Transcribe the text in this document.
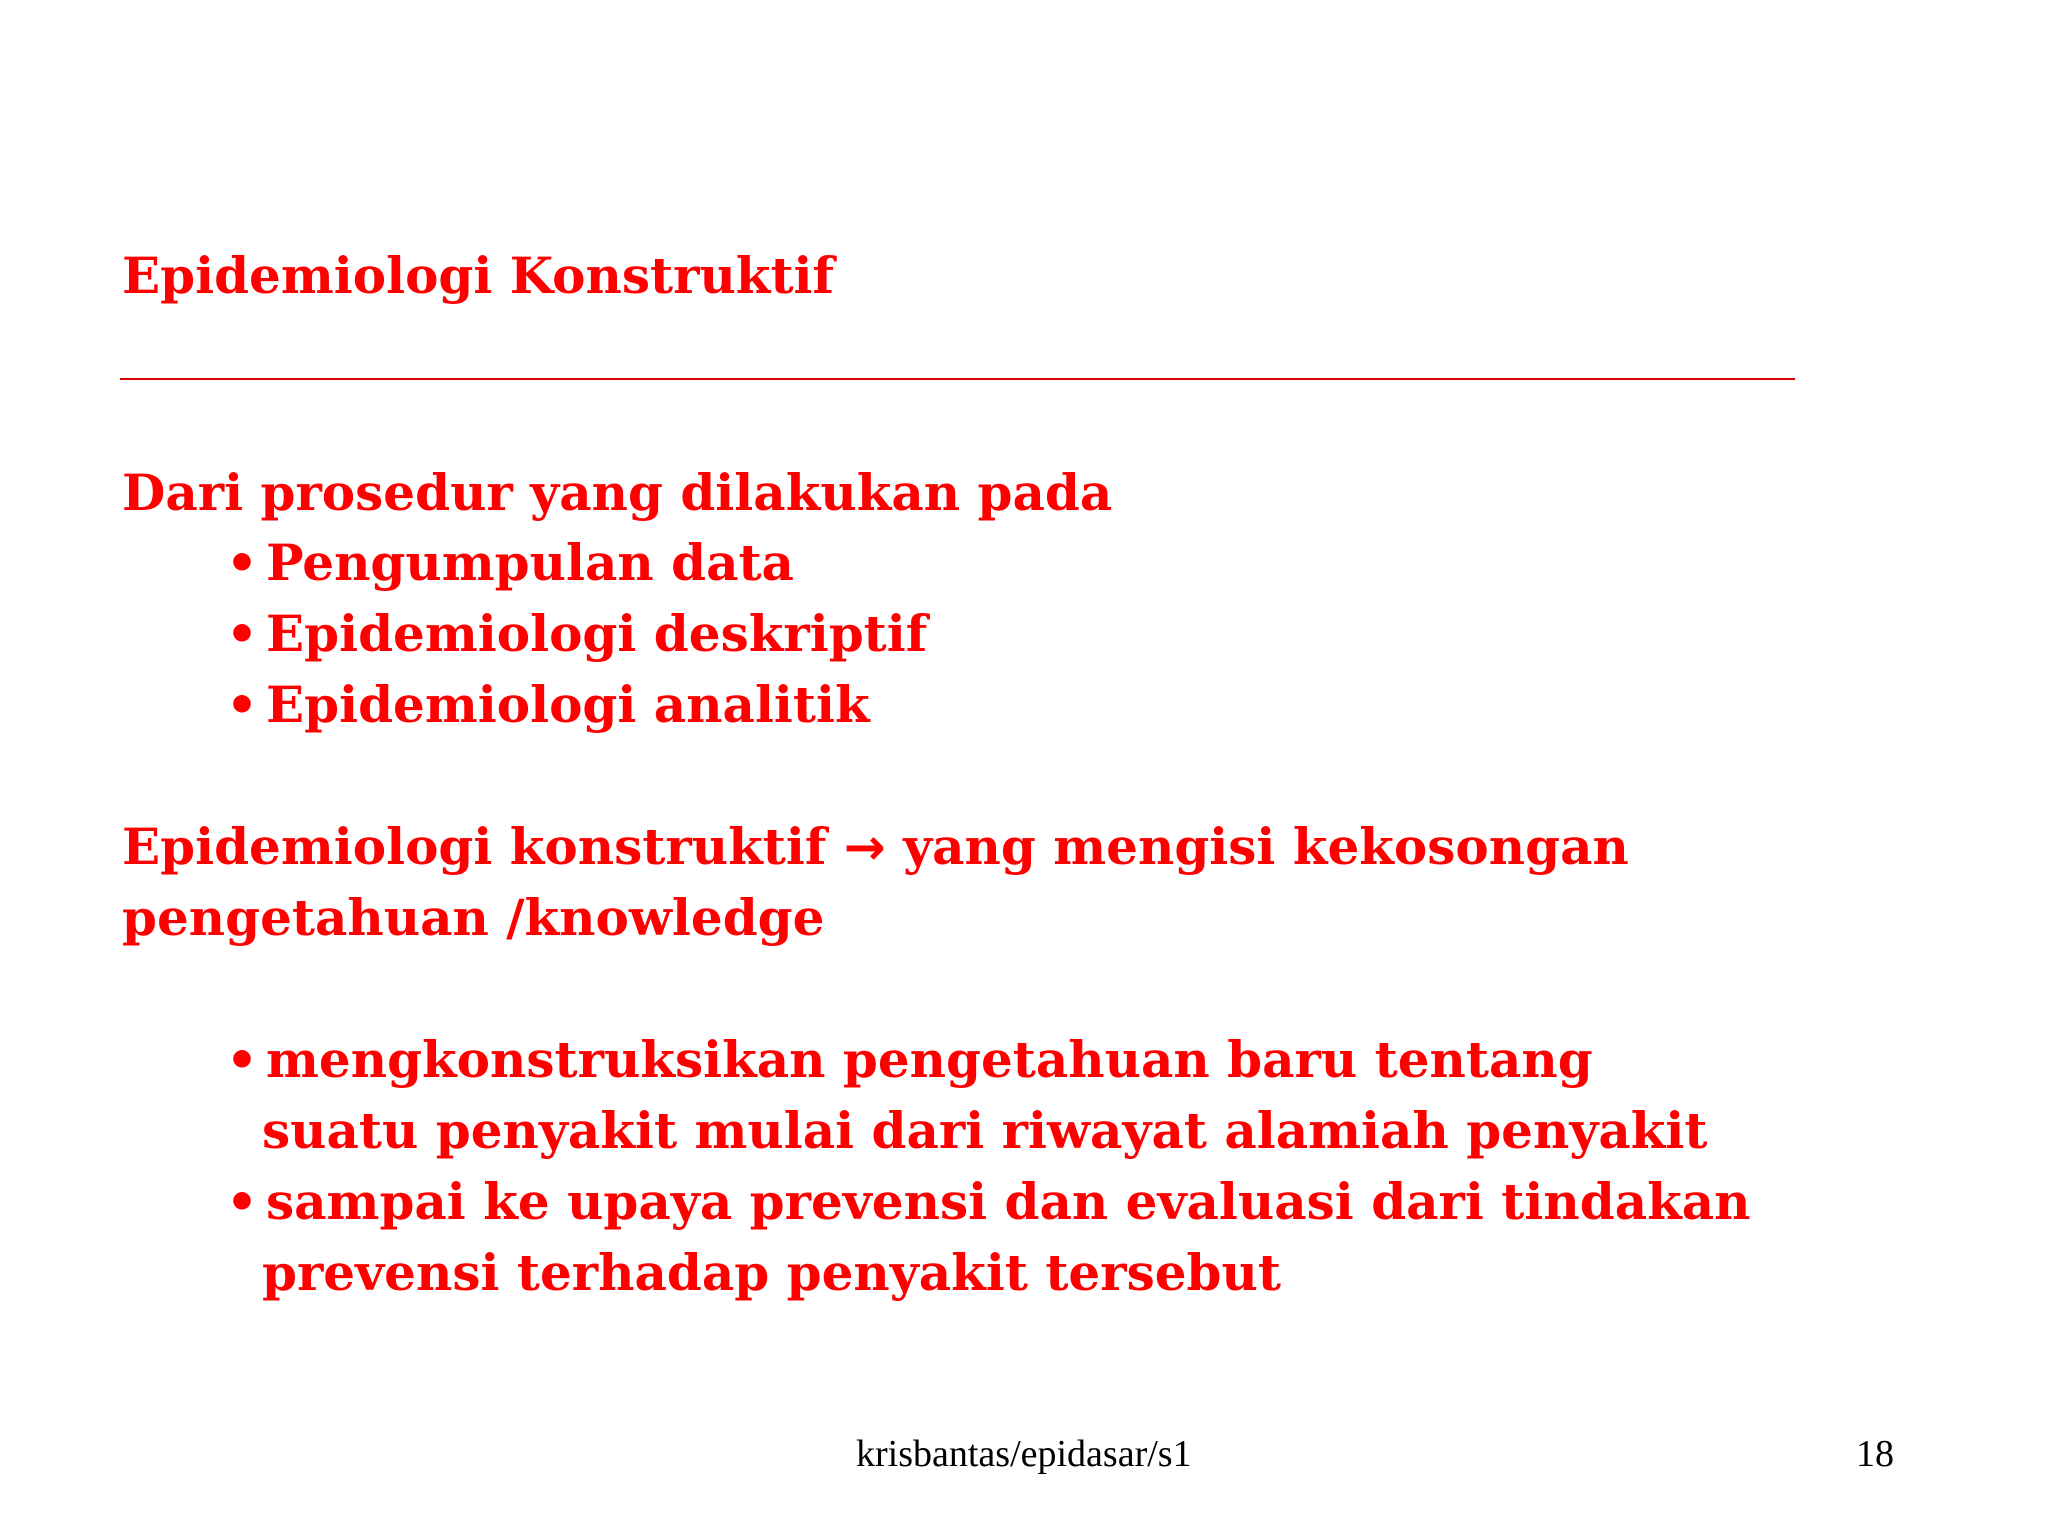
Epidemiologi Konstruktif
Dari prosedur yang dilakukan pada
• Pengumpulan data
• Epidemiologi deskriptif
• Epidemiologi analitik
Epidemiologi konstruktif → yang mengisi kekosongan
pengetahuan /knowledge
• mengkonstruksikan pengetahuan baru tentang
suatu penyakit mulai dari riwayat alamiah penyakit
• sampai ke upaya prevensi dan evaluasi dari tindakan
prevensi terhadap penyakit tersebut
krisbantas/epidasar/s1	18
